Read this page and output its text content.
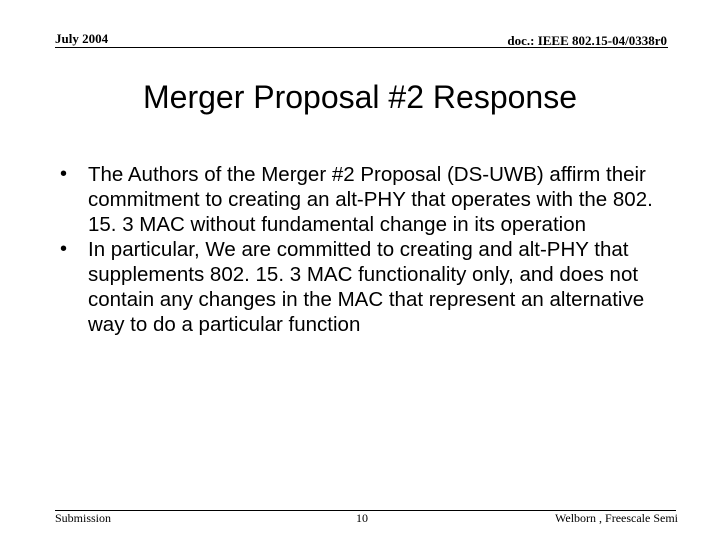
July 2004	doc.: IEEE 802.15-04/0338r0
Merger Proposal #2 Response
•	The Authors of the Merger #2 Proposal (DS-UWB) affirm their commitment to creating an alt-PHY that operates with the 802. 15. 3 MAC without fundamental change in its operation
•	In particular, We are committed to creating and alt-PHY that supplements 802. 15. 3 MAC functionality only, and does not contain any changes in the MAC that represent an alternative way to do a particular function
Submission	10	Welborn , Freescale Semi
